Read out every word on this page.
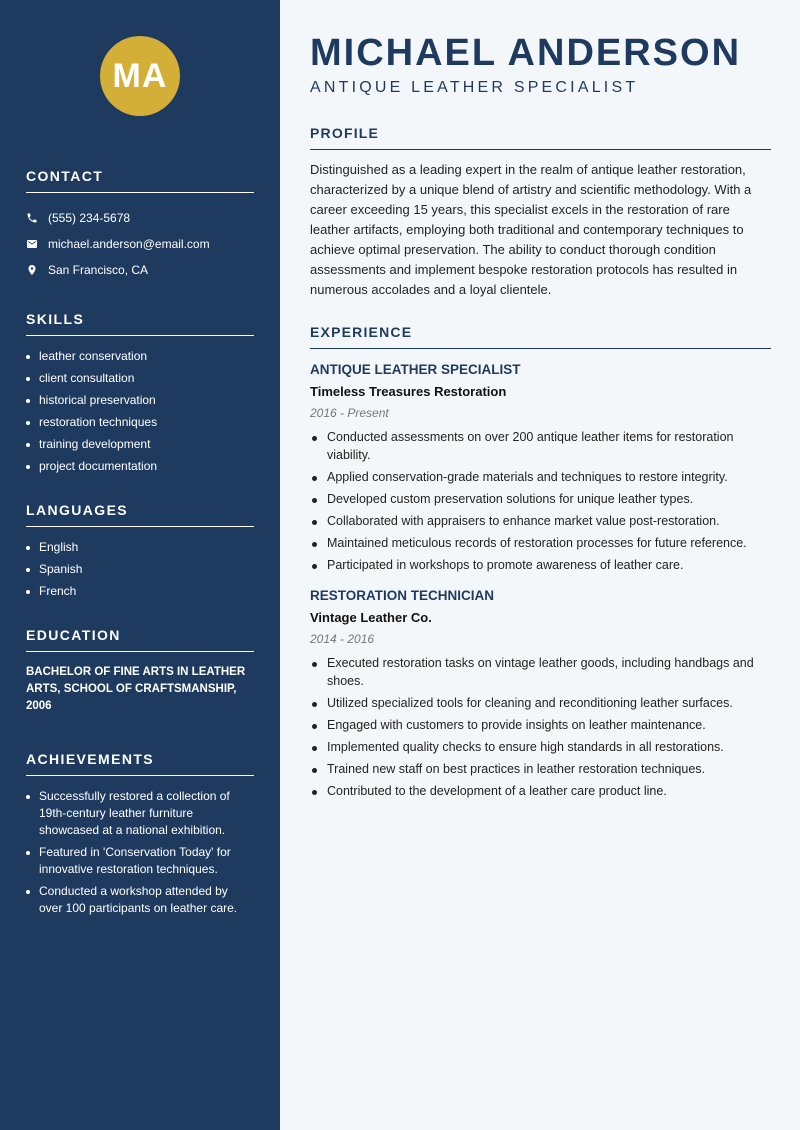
MA
CONTACT
(555) 234-5678
michael.anderson@email.com
San Francisco, CA
SKILLS
leather conservation
client consultation
historical preservation
restoration techniques
training development
project documentation
LANGUAGES
English
Spanish
French
EDUCATION

BACHELOR OF FINE ARTS IN LEATHER ARTS, SCHOOL OF CRAFTSMANSHIP, 2006

ACHIEVEMENTS
Successfully restored a collection of 19th-century leather furniture showcased at a national exhibition.
Featured in 'Conservation Today' for innovative restoration techniques.
Conducted a workshop attended by over 100 participants on leather care.
MICHAEL ANDERSON
ANTIQUE LEATHER SPECIALIST
PROFILE

Distinguished as a leading expert in the realm of antique leather restoration, characterized by a unique blend of artistry and scientific methodology. With a career exceeding 15 years, this specialist excels in the restoration of rare leather artifacts, employing both traditional and contemporary techniques to achieve optimal preservation. The ability to conduct thorough condition assessments and implement bespoke restoration protocols has resulted in numerous accolades and a loyal clientele.

EXPERIENCE
ANTIQUE LEATHER SPECIALIST
Timeless Treasures Restoration
2016 - Present
Conducted assessments on over 200 antique leather items for restoration viability.
Applied conservation-grade materials and techniques to restore integrity.
Developed custom preservation solutions for unique leather types.
Collaborated with appraisers to enhance market value post-restoration.
Maintained meticulous records of restoration processes for future reference.
Participated in workshops to promote awareness of leather care.
RESTORATION TECHNICIAN
Vintage Leather Co.
2014 - 2016
Executed restoration tasks on vintage leather goods, including handbags and shoes.
Utilized specialized tools for cleaning and reconditioning leather surfaces.
Engaged with customers to provide insights on leather maintenance.
Implemented quality checks to ensure high standards in all restorations.
Trained new staff on best practices in leather restoration techniques.
Contributed to the development of a leather care product line.
